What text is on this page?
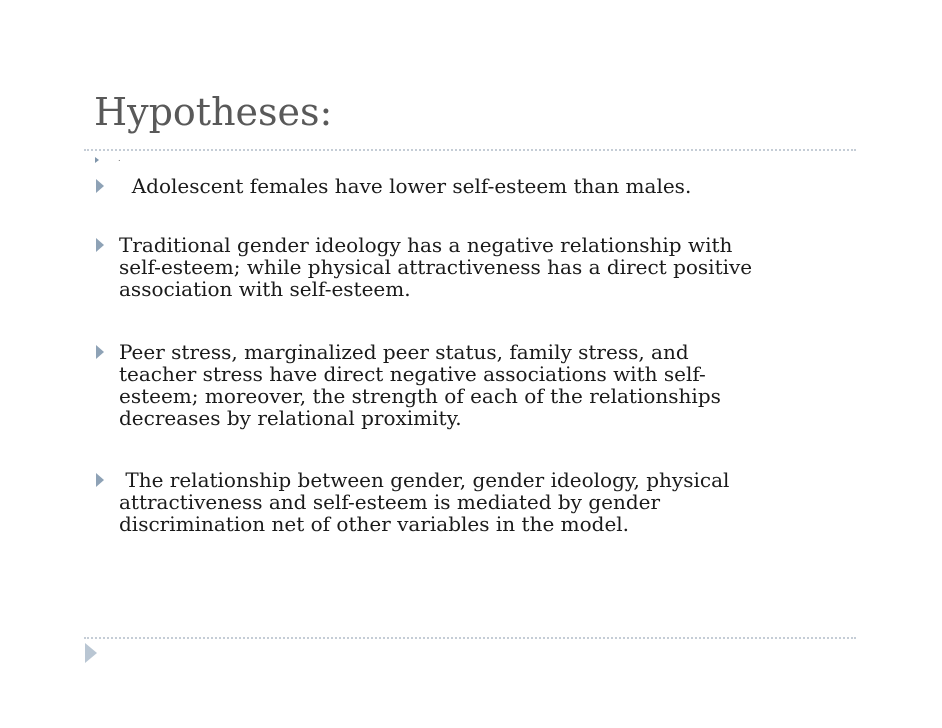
Hypotheses:
.
Adolescent females have lower self-esteem than males.
Traditional gender ideology has a negative relationship with
self-esteem; while physical attractiveness has a direct positive
association with self-esteem.
Peer stress, marginalized peer status, family stress, and
teacher stress have direct negative associations with self-
esteem; moreover, the strength of each of the relationships
decreases by relational proximity.
The relationship between gender, gender ideology, physical
attractiveness and self-esteem is mediated by gender
discrimination net of other variables in the model.
